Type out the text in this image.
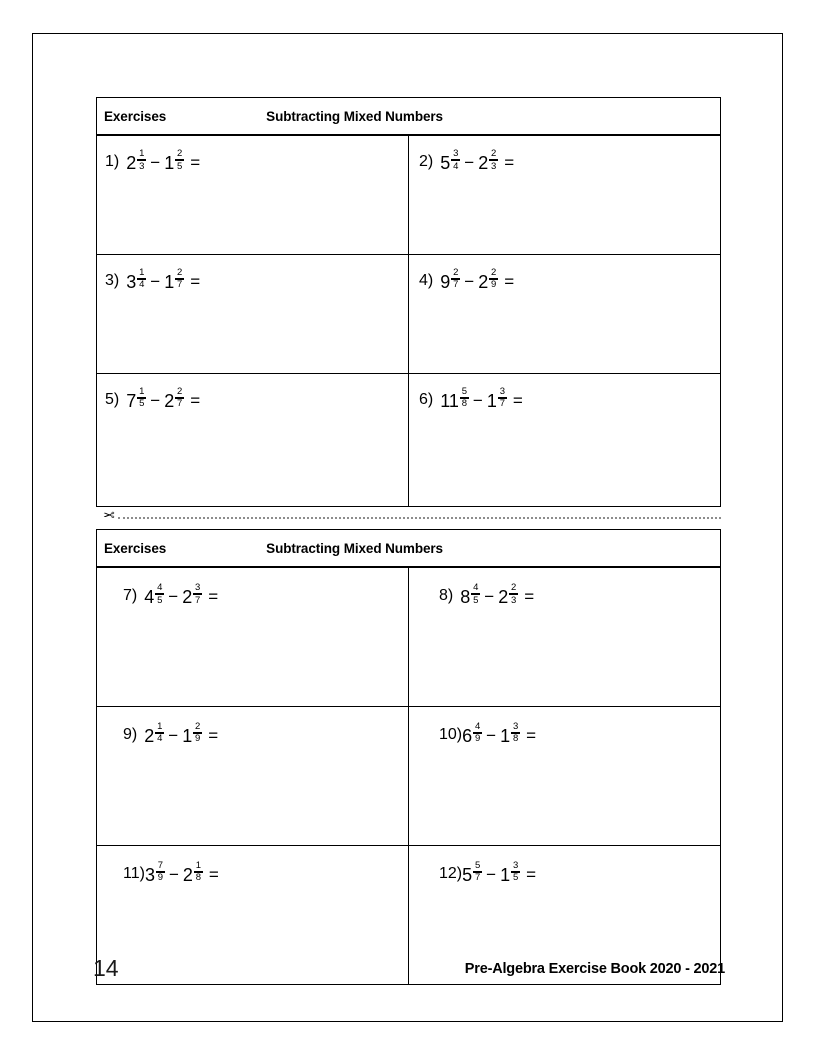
Exercises Subtracting Mixed Numbers	

1) $2 \frac{1}{3} - 1 \frac{2}{5}$ =	2) $5 \frac{3}{4} - 2 \frac{2}{3}$ =

3) $3 \frac{1}{4} - 1 \frac{2}{7}$ =	4) $9 \frac{2}{7} - 2 \frac{2}{9}$ =

5) $7 \frac{1}{5} - 2 \frac{2}{7}$ =	6) $11 \frac{5}{8} - 1 \frac{3}{7}$ =
✂
Exercises Subtracting Mixed Numbers	

7) $4 \frac{4}{5} - 2 \frac{3}{7}$ =	8) $8 \frac{4}{5} - 2 \frac{2}{3}$ =

9) $2 \frac{1}{4} - 1 \frac{2}{9}$ =	10) $6 \frac{4}{9} - 1 \frac{3}{8}$ =

11) $3 \frac{7}{9} - 2 \frac{1}{8}$ =	12) $5 \frac{5}{7} - 1 \frac{3}{5}$ =
14	Pre-Algebra Exercise Book 2020 - 2021
